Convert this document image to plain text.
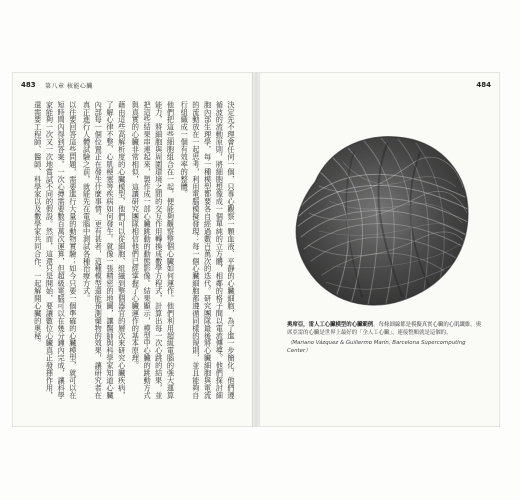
483 第八章 核能心臟
決定先不理會任何一個，只專心觀察一顆血液、平靜的心臟細胞，為了進一步簡化，他們遵循波的流動原則，將細胞想像成一個單純的立方體，相鄰的格子間以電流傳導。他們探討細胞內部生理學，每一種模型都要各自經過數百萬次的迭代。研究團隊最後將心臟細胞與電流的流動放在一起思考，利用電腦模擬發現：每一個心臟細胞都遵循同樣的規則，並且能夠自行組織成一個有效率的整體。
他們把這些細胞組合在一起，便能夠觀察整個心臟如何運作。他們利用超級電腦的強大運算能力，將細胞與周圍環境之間的交互作用轉換成數學方程式，計算出每一次心跳的結果，並把這些結果串連起來，製作成一部心臟跳動的動態影像。結果顯示，模型中心臟的跳動方式與真實的心臟非常相似，這讓研究團隊相信他們已經掌握了心臟運作的基本原理。
藉由這些高解析度的心臟模型，他們可以從細胞、組織到整個器官的層次來研究心臟疾病，了解心律不整、心肌梗塞等疾病如何發生。就像一張精密的地圖，讓醫師與科學家知道心臟內部每一個位置正在發生什麼事情。更有甚者，這種模型還能預測藥物的效果，讓研究者在真正進行人體試驗之前，就能先在電腦中測試各種治療方式。
以往要回答這些問題，需要進行大量的動物實驗；如今只要一個準確的心臟模型，就可以在短時間內得到答案。一次心搏需要數百萬次運算，但超級電腦可以在幾分鐘內完成，讓科學家能夠一次又一次地嘗試不同的假設。然而，這還只是開始，要讓數位心臟真正發揮作用，還需要工程師、醫師、科學家以及數學家共同合作，一起解開心臟的奧秘。
484
奧席亞，雷人工心臟模型的心臟範例。每條細線都是模擬真實心臟的心肌纖維。奧席亞雷的心臟是世界上最好的「全人工心臟」，連接整顆就是這個的。
（Mariano Vázquez & Guillermo Marín, Barcelona Supercomputing Center）
